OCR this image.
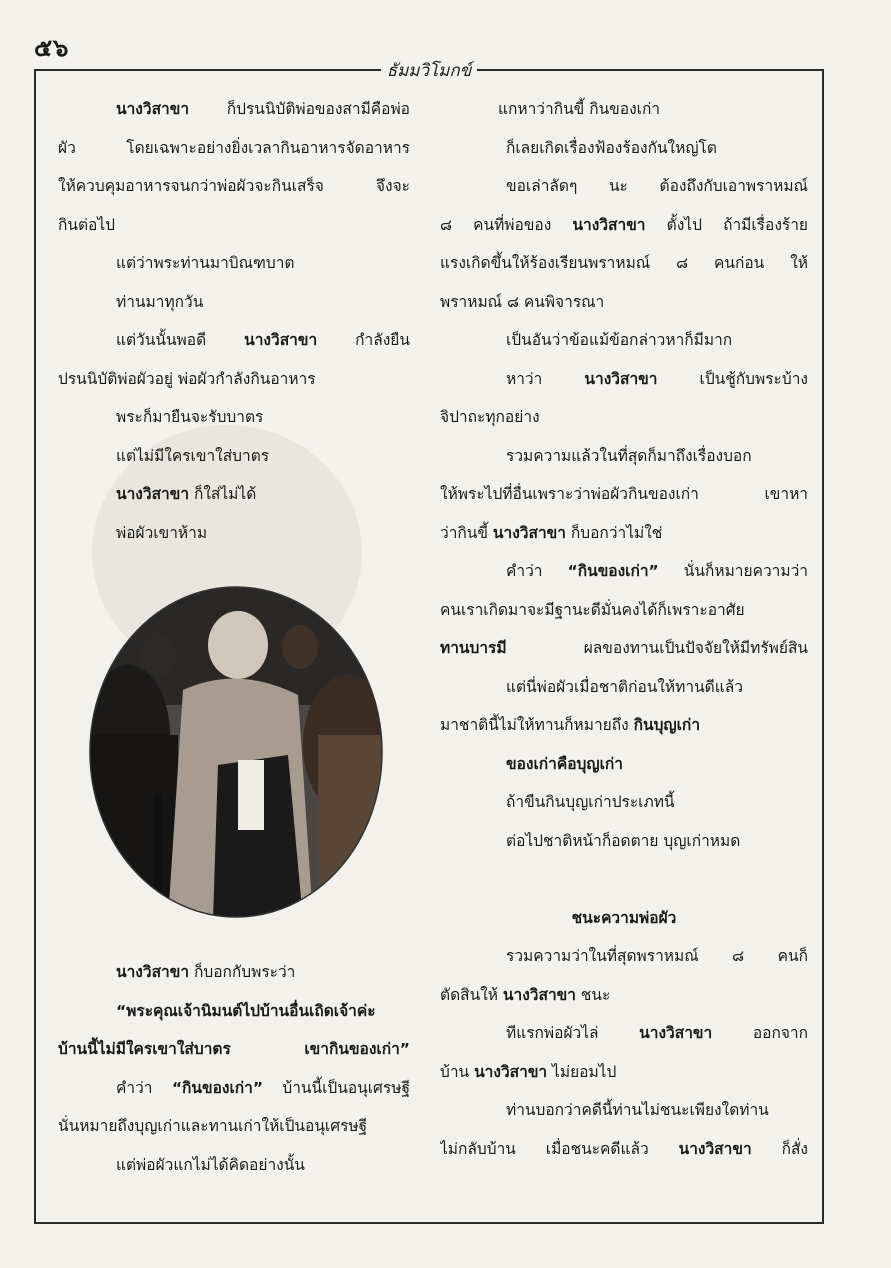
๕๖
ธัมมวิโมกข์
นางวิสาขา ก็ปรนนิบัติพ่อของสามีคือพ่อ
ผัว โดยเฉพาะอย่างยิ่งเวลากินอาหารจัดอาหาร
ให้ควบคุมอาหารจนกว่าพ่อผัวจะกินเสร็จ จึงจะ
กินต่อไป
แต่ว่าพระท่านมาบิณฑบาต
ท่านมาทุกวัน
แต่วันนั้นพอดี นางวิสาขา กำลังยืน
ปรนนิบัติพ่อผัวอยู่ พ่อผัวกำลังกินอาหาร
พระก็มายืนจะรับบาตร
แต่ไม่มีใครเขาใส่บาตร
นางวิสาขา ก็ใส่ไม่ได้
พ่อผัวเขาห้าม
นางวิสาขา ก็บอกกับพระว่า
“พระคุณเจ้านิมนต์ไปบ้านอื่นเถิดเจ้าค่ะ
บ้านนี้ไม่มีใครเขาใส่บาตร เขากินของเก่า”
คำว่า “กินของเก่า” บ้านนี้เป็นอนุเศรษฐี
นั่นหมายถึงบุญเก่าและทานเก่าให้เป็นอนุเศรษฐี
แต่พ่อผัวแกไม่ได้คิดอย่างนั้น
แกหาว่ากินขี้ กินของเก่า
ก็เลยเกิดเรื่องฟ้องร้องกันใหญ่โต
ขอเล่าลัดๆ นะ ต้องถึงกับเอาพราหมณ์
๘ คนที่พ่อของ นางวิสาขา ตั้งไป ถ้ามีเรื่องร้าย
แรงเกิดขึ้นให้ร้องเรียนพราหมณ์ ๘ คนก่อน ให้
พราหมณ์ ๘ คนพิจารณา
เป็นอันว่าข้อแม้ข้อกล่าวหาก็มีมาก
หาว่า นางวิสาขา เป็นชู้กับพระบ้าง
จิปาถะทุกอย่าง
รวมความแล้วในที่สุดก็มาถึงเรื่องบอก
ให้พระไปที่อื่นเพราะว่าพ่อผัวกินของเก่า เขาหา
ว่ากินขี้ นางวิสาขา ก็บอกว่าไม่ใช่
คำว่า “กินของเก่า” นั่นก็หมายความว่า
คนเราเกิดมาจะมีฐานะดีมั่นคงได้ก็เพราะอาศัย
ทานบารมี ผลของทานเป็นปัจจัยให้มีทรัพย์สิน
แต่นี่พ่อผัวเมื่อชาติก่อนให้ทานดีแล้ว
มาชาตินี้ไม่ให้ทานก็หมายถึง กินบุญเก่า
ของเก่าคือบุญเก่า
ถ้าขืนกินบุญเก่าประเภทนี้
ต่อไปชาติหน้าก็อดตาย บุญเก่าหมด
ชนะความพ่อผัว
รวมความว่าในที่สุดพราหมณ์ ๘ คนก็
ตัดสินให้ นางวิสาขา ชนะ
ทีแรกพ่อผัวไล่ นางวิสาขา ออกจาก
บ้าน นางวิสาขา ไม่ยอมไป
ท่านบอกว่าคดีนี้ท่านไม่ชนะเพียงใดท่าน
ไม่กลับบ้าน เมื่อชนะคดีแล้ว นางวิสาขา ก็สั่ง
